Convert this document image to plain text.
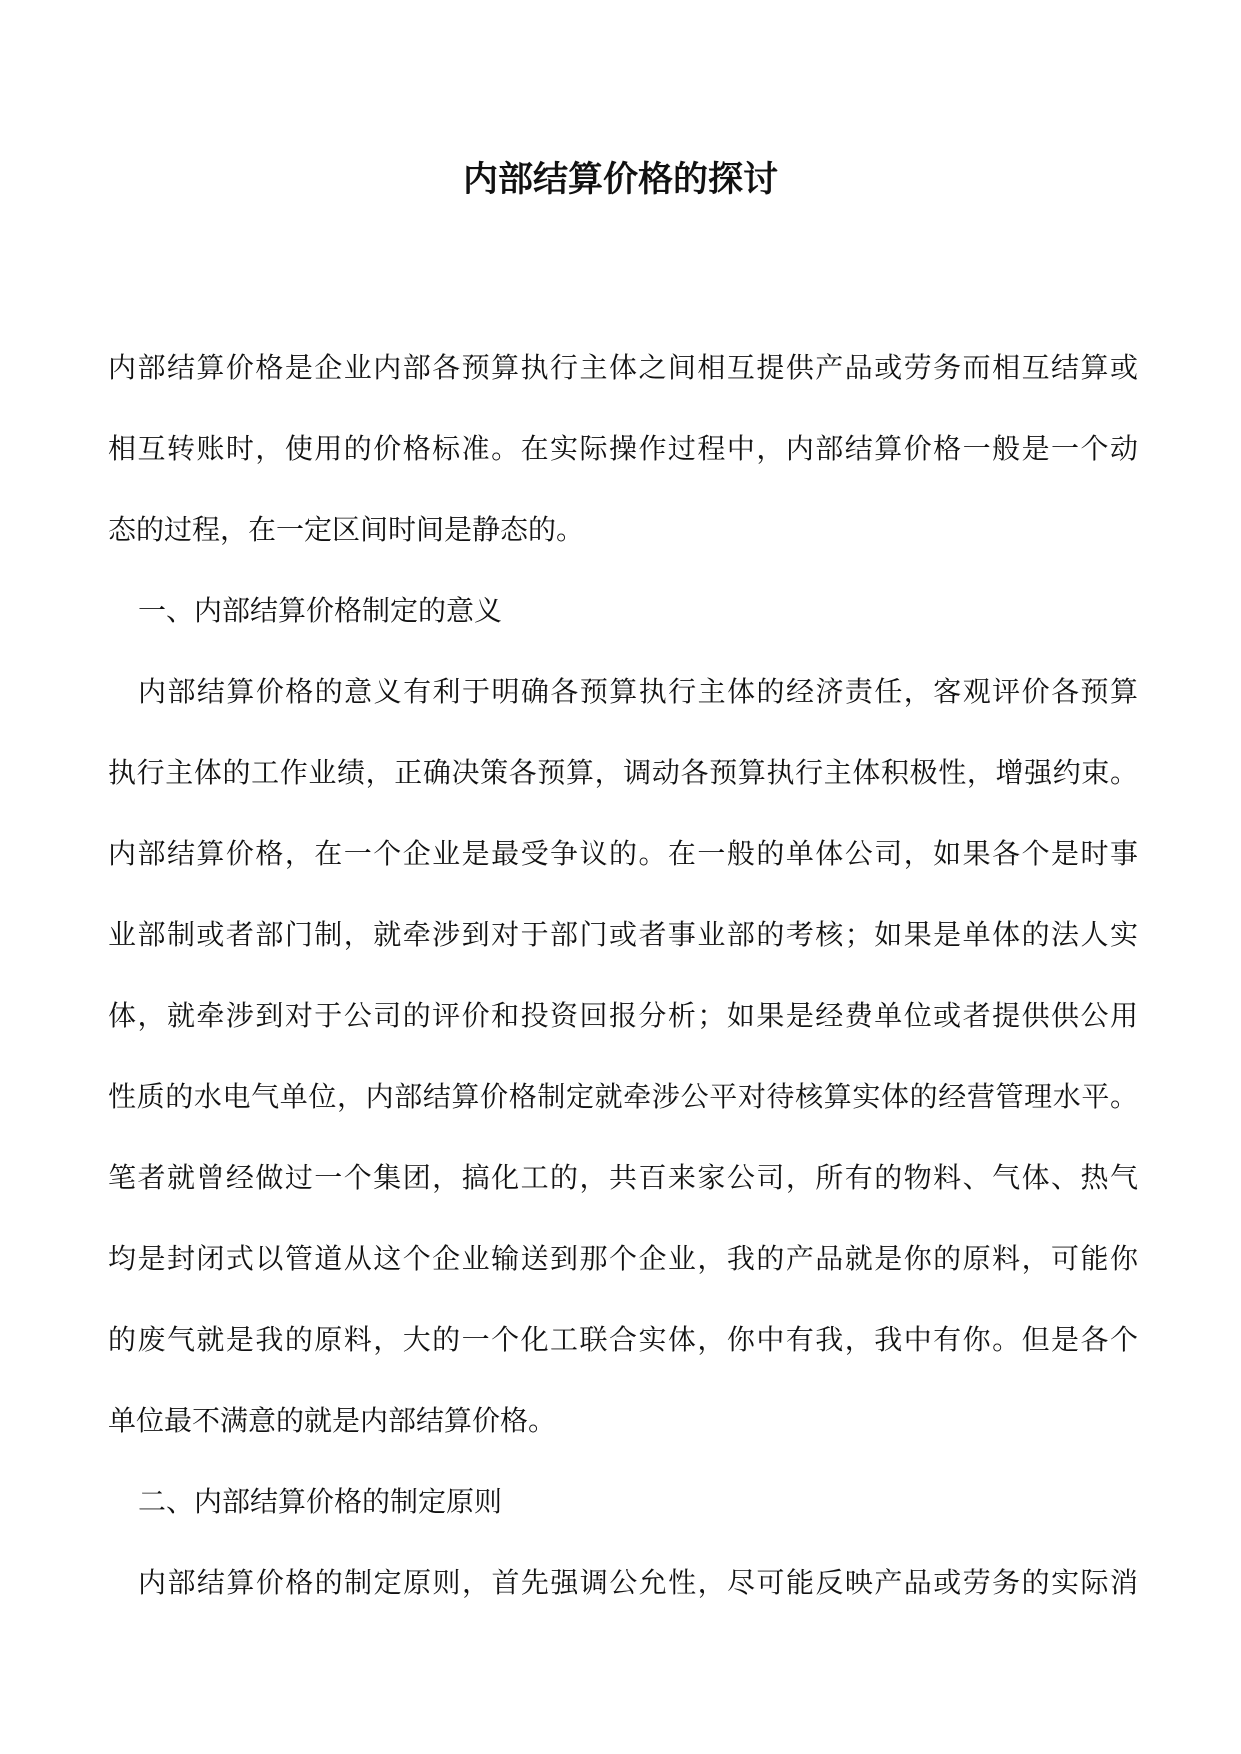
内部结算价格的探讨
内部结算价格是企业内部各预算执行主体之间相互提供产品或劳务而相互结算或
相互转账时，使用的价格标准。在实际操作过程中，内部结算价格一般是一个动
态的过程，在一定区间时间是静态的。
一、内部结算价格制定的意义
内部结算价格的意义有利于明确各预算执行主体的经济责任，客观评价各预算
执行主体的工作业绩，正确决策各预算，调动各预算执行主体积极性，增强约束。
内部结算价格，在一个企业是最受争议的。在一般的单体公司，如果各个是时事
业部制或者部门制，就牵涉到对于部门或者事业部的考核；如果是单体的法人实
体，就牵涉到对于公司的评价和投资回报分析；如果是经费单位或者提供供公用
性质的水电气单位，内部结算价格制定就牵涉公平对待核算实体的经营管理水平。
笔者就曾经做过一个集团，搞化工的，共百来家公司，所有的物料、气体、热气
均是封闭式以管道从这个企业输送到那个企业，我的产品就是你的原料，可能你
的废气就是我的原料，大的一个化工联合实体，你中有我，我中有你。但是各个
单位最不满意的就是内部结算价格。
二、内部结算价格的制定原则
内部结算价格的制定原则，首先强调公允性，尽可能反映产品或劳务的实际消
